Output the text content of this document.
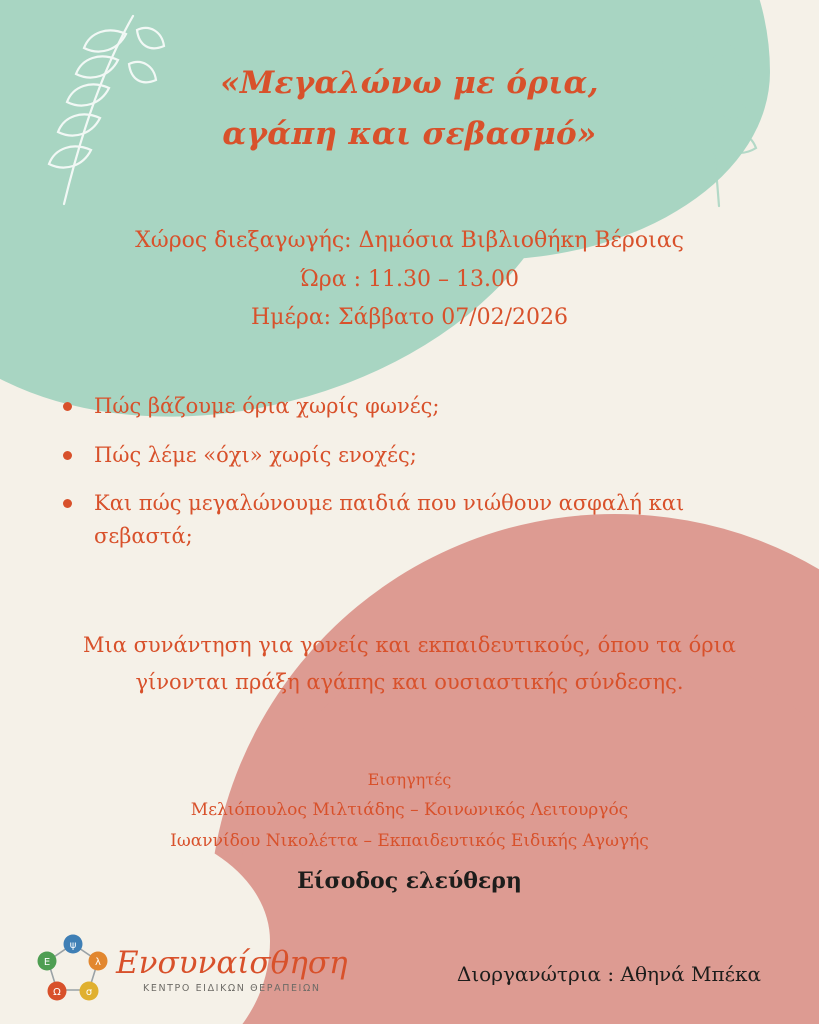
«Μεγαλώνω με όρια,
αγάπη και σεβασμό»
Χώρος διεξαγωγής: Δημόσια Βιβλιοθήκη Βέροιας
Ώρα : 11.30 – 13.00
Ημέρα: Σάββατο 07/02/2026
Πώς βάζουμε όρια χωρίς φωνές;
Πώς λέμε «όχι» χωρίς ενοχές;
Και πώς μεγαλώνουμε παιδιά που νιώθουν ασφαλή και σεβαστά;
Μια συνάντηση για γονείς και εκπαιδευτικούς, όπου τα όρια γίνονται πράξη αγάπης και ουσιαστικής σύνδεσης.
Εισηγητές
Μελιόπουλος Μιλτιάδης – Κοινωνικός Λειτουργός
Ιωαννίδου Νικολέττα – Εκπαιδευτικός Ειδικής Αγωγής
Είσοδος ελεύθερη
Διοργανώτρια : Αθηνά Μπέκα
ψ
λ
σ
Ω
Ε Ενσυναίσθηση
ΚΕΝΤΡΟ ΕΙΔΙΚΩΝ ΘΕΡΑΠΕΙΩΝ
